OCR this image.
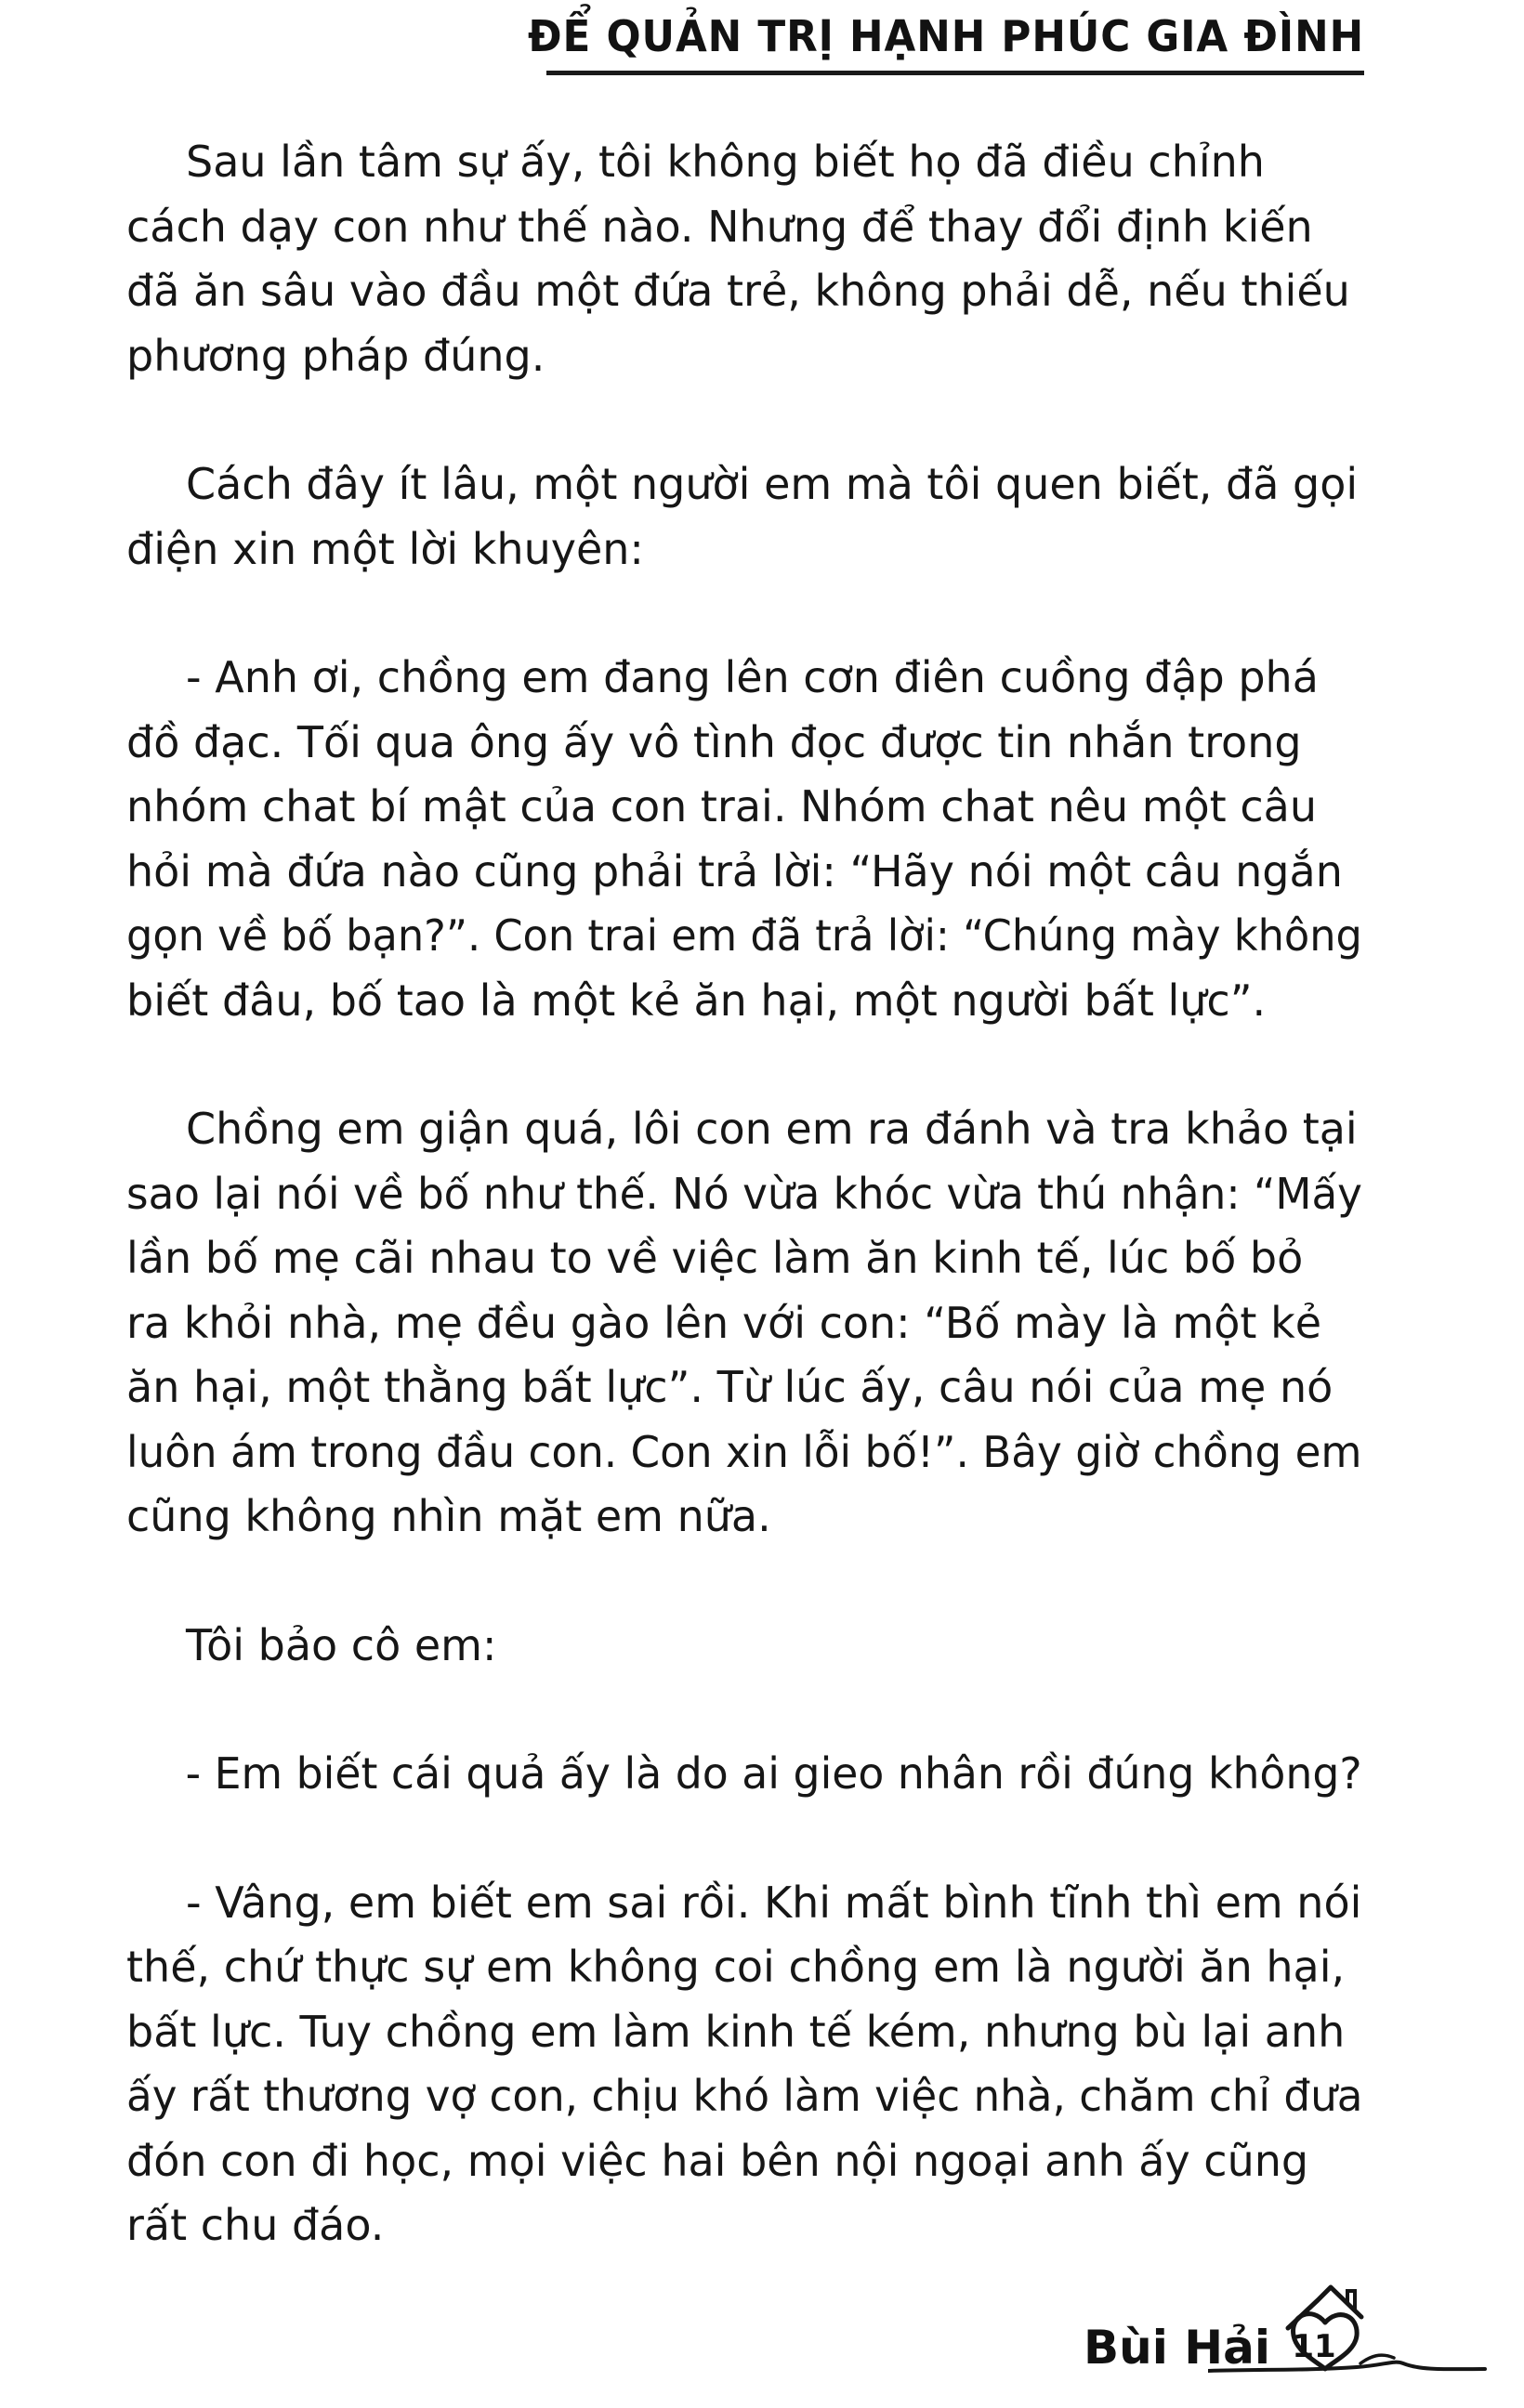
ĐỂ QUẢN TRỊ HẠNH PHÚC GIA ĐÌNH
Sau lần tâm sự ấy, tôi không biết họ đã điều chỉnh
cách dạy con như thế nào. Nhưng để thay đổi định kiến
đã ăn sâu vào đầu một đứa trẻ, không phải dễ, nếu thiếu
phương pháp đúng.
Cách đây ít lâu, một người em mà tôi quen biết, đã gọi
điện xin một lời khuyên:
- Anh ơi, chồng em đang lên cơn điên cuồng đập phá
đồ đạc. Tối qua ông ấy vô tình đọc được tin nhắn trong
nhóm chat bí mật của con trai. Nhóm chat nêu một câu
hỏi mà đứa nào cũng phải trả lời: “Hãy nói một câu ngắn
gọn về bố bạn?”. Con trai em đã trả lời: “Chúng mày không
biết đâu, bố tao là một kẻ ăn hại, một người bất lực”.
Chồng em giận quá, lôi con em ra đánh và tra khảo tại
sao lại nói về bố như thế. Nó vừa khóc vừa thú nhận: “Mấy
lần bố mẹ cãi nhau to về việc làm ăn kinh tế, lúc bố bỏ
ra khỏi nhà, mẹ đều gào lên với con: “Bố mày là một kẻ
ăn hại, một thằng bất lực”. Từ lúc ấy, câu nói của mẹ nó
luôn ám trong đầu con. Con xin lỗi bố!”. Bây giờ chồng em
cũng không nhìn mặt em nữa.
Tôi bảo cô em:
- Em biết cái quả ấy là do ai gieo nhân rồi đúng không?
- Vâng, em biết em sai rồi. Khi mất bình tĩnh thì em nói
thế, chứ thực sự em không coi chồng em là người ăn hại,
bất lực. Tuy chồng em làm kinh tế kém, nhưng bù lại anh
ấy rất thương vợ con, chịu khó làm việc nhà, chăm chỉ đưa
đón con đi học, mọi việc hai bên nội ngoại anh ấy cũng
rất chu đáo.
Bùi Hải 11
